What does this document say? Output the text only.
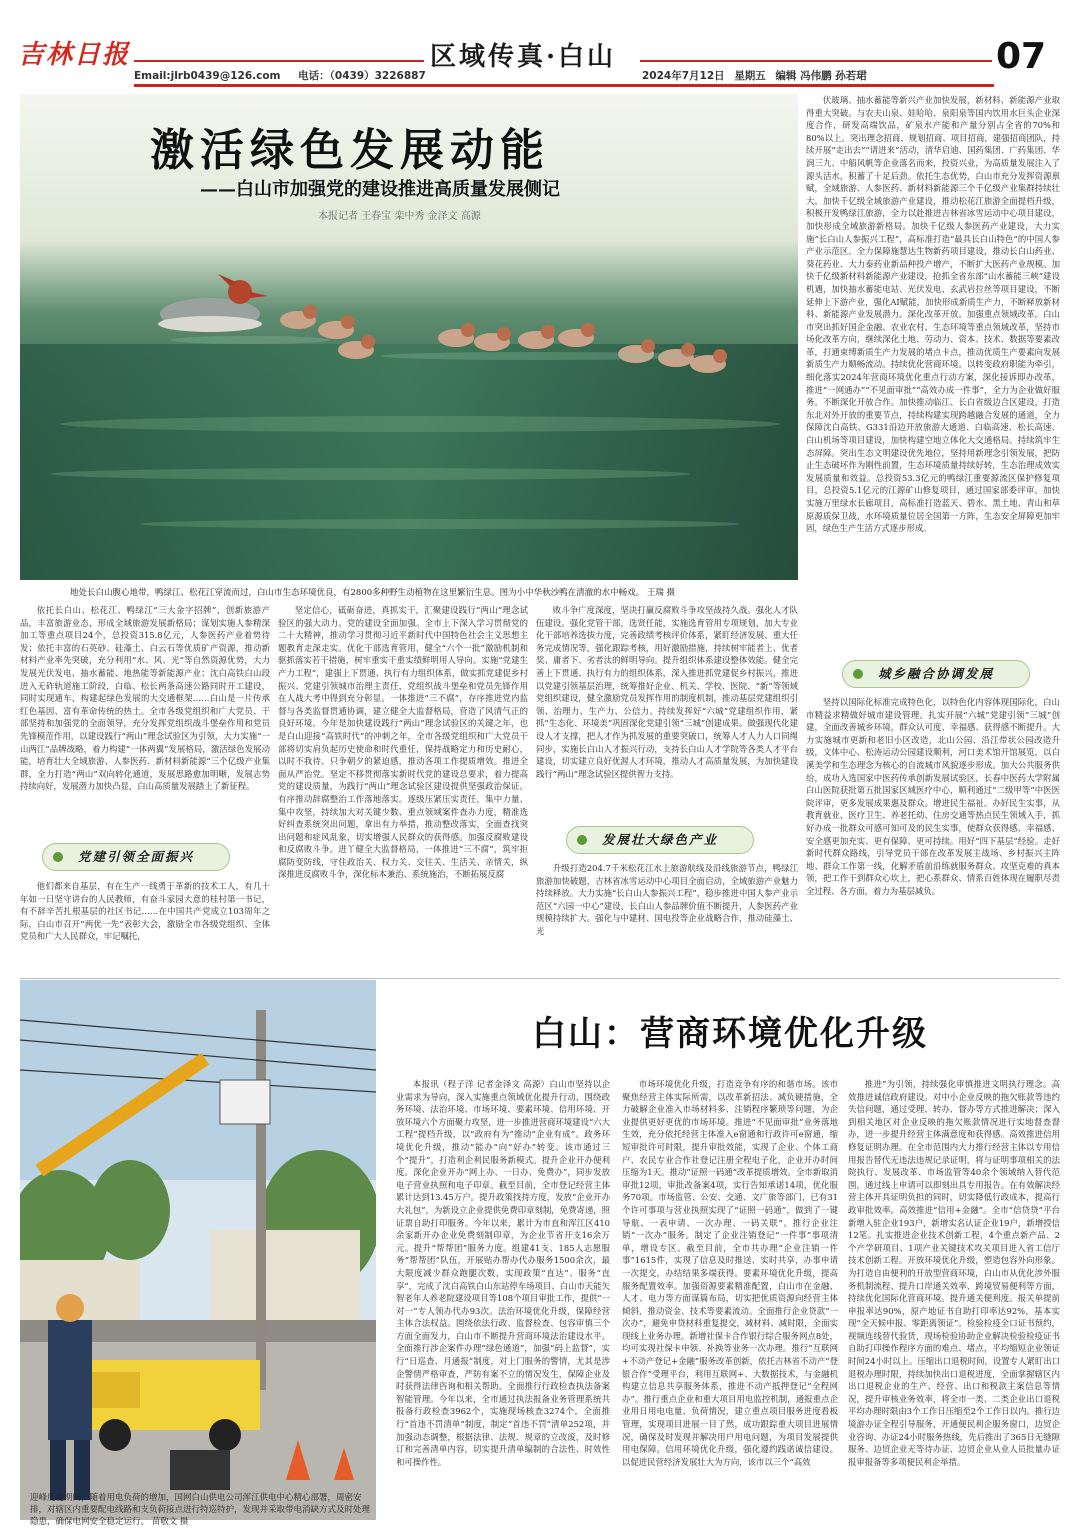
吉林日报	区域传真·白山
Email:jlrb0439@126.com 电话：（0439）3226887	2024年7月12日 星期五 编辑 冯伟鹏 孙若珺	07
激活绿色发展动能
——白山市加强党的建设推进高质量发展侧记
本报记者 王春宝 栾中秀 金泽文 高源
地处长白山腹心地带，鸭绿江、松花江穿流而过，白山市生态环境优良，有2800多种野生动植物在这里繁衍生息。图为小中华秋沙鸭在清澈的水中畅戏。 王瑞 摄

依托长白山、松花江、鸭绿江“三大金字招牌”，创新旅游产品，丰富旅游业态，形成全域旅游发展新格局；谋划实施人参精深加工等重点项目24个，总投资315.8亿元，人参医药产业着势待发；依托丰富的石英砂、硅藻土、白云石等优质矿产资源，推动新材料产业率先突破，充分利用“水、风、光”等自然资源优势，大力发展光伏发电、抽水蓄能、地热能等新能源产业；沈白高铁白山段进入无砟轨道施工阶段，白临、松长两条高速公路同时开工建设，同时实现通车，构建起绿色发展的大交通框架……白山是一片传承红色基因、富有革命传统的热土。全市各级党组织和广大党员、干部坚持和加强党的全面领导，充分发挥党组织战斗堡垒作用和党员先锋模范作用，以建设践行“两山”理念试验区为引领，大力实施“一山两江”品牌战略，着力构建“一体两翼”发展格局，激活绿色发展动能，培育壮大全域旅游、人参医药、新材料新能源“三个亿级产业集群，全力打造“两山”双向转化通道，发展思路愈加明晰，发展志势持续向好，发展潜力加快凸显，白山高质量发展踏上了新征程。

党建引领全面振兴

他们都来自基层，有在生产一线勇于革新的技术工人，有几十年如一日坚守讲台的人民教师，有奋斗家园大意的桂村第一书记，有不辞辛苦扎根基层的社区书记……在中国共产党成立103周年之际，白山市召开“两优一先”表彰大会，激励全市各级党组织、全体党员和广大人民群众，牢记嘱托，

坚定信心，砥砺奋进，真抓实干，汇聚建设践行“两山”理念试验区的强大动力。党的建设全面加强。全市上下深入学习贯彻党的二十大精神，推动学习贯彻习近平新时代中国特色社会主义思想主题教育走深走实。优化干部选育管用，健全“六个一批”激励机制和驱抓落实若干措施，树牢重实干重实绩鲜明用人导向。实施“党建生产力工程”，建强上下贯通、执行有力组织体系，做实抓党建促乡村振兴、党建引领城市治理主责任，党组织战斗堡垒和党员先锋作用在人战大考中得到充分彰显。一体推进“三不腐”，存序推进党内监督与各类监督贯通协调，建立健全大监督格局，营造了风清气正的良好环境。今年是加快建设践行“两山”理念试验区的关键之年，也是白山迎接“高铁时代”的冲刺之年，全市各级党组织和广大党员干部将切实肩负起历史使命和时代重任，保持战略定力和历史耐心，以时不我待、只争朝夕的紧迫感，推动各项工作提质增效。推进全面从严治党。坚定不移贯彻落实新时代党的建设总要求，着力提高党的建设质量，为践行“两山”理念试验区建设提供坚强政治保证。有序推动辞腐整治工作落地落实。逐级压紧压实责任，集中力量、集中攻坚，持续加大对关键少数、重点领域案件查办力度，精准选好纠查系统突出问题，拿出有力举措，推动整改落实，全面查找突出问题和症风乱象，切实增强人民群众的获得感。加强反腐败建设和反腐败斗争。进丫健全大监督格局，一体推进“三不腐”，筑牢拒腐防变防线，守住政治关、权力关、交往关、生活关、亲情关，纵深推进反腐败斗争，深化标本兼治、系统施治，不断拓展反腐

败斗争广度深度，坚决打赢反腐败斗争攻坚战持久战。强化人才队伍建设。强化党管干部，选贤任能，实施选育管用专项规划，加大专业化干部培养选拔力度，完善政绩考核评价体系，紧盯经济发展、重大任务完成情况等，强化跟踪考核，用好激励措施，持续树牢能者上、优者奖、庸者下、劣者汰的鲜明导向。提升组织体系建设整体效能。健全完善上下贯通、执行有力的组织体系，深入推进抓党建促乡村振兴，推进以党建引领基层治理，统筹推好企业、机关、学校、医院、“新”等领域党组织建设，健全激励党员发挥作用的制度机制，推动基层党建组织引领、治理力、生产力、公信力。持续发挥好“六城”党建组织作用，紧抓“生态化、环境美”巩固深化党建引领“三城”创建成果。做强现代化建设人才支撑，把人才作为抓发展的重要突破口，统筹人才人力人口同绳同步，实施长白山人才振兴行动，支持长白山人才学院等各类人才平台建设，切实建立良好优渥人才环境，推动人才高质量发展，为加快建设践行“两山”理念试验区提供智力支持。

发展壮大绿色产业

升级打造204.7千米松花江水上旅游航线及沿线旅游节点，鸭绿江旅游加快破题，吉林省冰雪运动中心项目全面启动，全域旅游产业魅力持续释放。大力实施“长白山人参振兴工程”，稳步推进中国人参产业示范区“六园一中心”建设，长白山人参品牌价值不断提升，人参医药产业规模持续扩大。强化与中建材、国电投等企业战略合作，推动硅藻土、光

伏玻璃、抽水蓄能等新兴产业加快发展，新材料、新能源产业取得重大突破。与农夫山泉、娃哈哈、泉阳泉等国内饮用水巨头企业深度合作，研发高端饮品，矿泉水产能和产量分别占全省的70%和80%以上。突出理念招商、规划招商、项目招商，建强招商团队，持续开展“走出去”“请进来”活动，清华启迪、国药集团、广药集团、华润三九、中船风帆等企业落名而来，投资兴业，为高质量发展注入了源头活水，积蓄了十足后劲。依托生态优势，白山市充分发挥资源禀赋，全域旅游、人参医药、新材料新能源三个千亿级产业集群持续壮大。加快千亿级全域旅游产业建设，推动松花江旅游全面提档升级，积极开发鸭绿江旅游，全力以赴推进吉林省冰雪运动中心项目建设，加快形成全域旅游新格局。加快千亿级人参医药产业建设，大力实施“长白山人参振兴工程”，高标准打造“最具长白山特色”的中国人参产业示范区。全力保障施慧达生物新药项目建设，推动长白山药业、葵花药业、大力泰药业新品种投产增产，不断扩大医药产业规模。加快千亿级新材料新能源产业建设，抢抓全省东部“山水蓄能三峡”建设机遇，加快抽水蓄能电站、光伏发电、玄武岩拉丝等项目建设，不断延伸上下游产业，强化AI赋能，加快形成新质生产力，不断释放新材料、新能源产业发展潜力。深化改革开放。加强重点领域改革。白山市突出抓好国企金融、农业农村、生态环境等重点领域改革，坚持市场化改革方向，继续深化土地、劳动力、资本、技术、数据等要素改革，打通束缚新质生产力发展的堵点卡点，推动优质生产要素向发展新质生产力顺畅流动。持续优化营商环境。以转变政府职能为牵引，细化落实2024年营商环境优化重点行动方案，深化接诉即办改革，推进“一网通办”“不见面审批”“高效办成一件事”，全力为企业做好服务。不断深化开放合作。加快推动临江、长白省级边合区建设，打造东北对外开放的重要节点，持续构建实现跨越融合发展的通道，全力保障沈白高铁、G331沿边开放旅游大通道、白临高速、松长高速、白山机场等项目建设，加快构建空地立体化大交通格局。持续筑牢生态屏障。突出生态文明建设优先地位，坚持用新理念引领发展，把防止生态破坏作为刚性前置，生态环境质量持续好转，生态治理成效实发展质量和效益。总投资53.3亿元的鸭绿江重要源流区保护修复项目，总投资5.1亿元的江源矿山修复项目，通过国家部委评审。加快实施万里绿水长廊项目，高标准打造蓝天、碧水、黑土地、青山和草原源质保卫战，水环境质量位居全国第一方阵，生态安全屏障更加牢固，绿色生产生活方式逐步形成。

城乡融合协调发展

坚持以国际化标准完成特色化，以特色化内容体现国际化，白山市精益求精做好城市建设管理。扎实开展“六城”党建引领“三城”创建，全面改善城乡环境，群众认可度、幸福感、获得感不断提升。大力实施城市更新和老旧小区改造，北山公园、沿江带状公园改造升级，文体中心、松涛运动公园建设顺利，河口美术馆开馆展览，以白溪美学和生态理念为核心的自流城市风貌逐步形成。加大公共服务供给，成功入选国家中医药传承创新发展试验区，长春中医药大学附属白山医院获批第五批国家区域医疗中心，顺利通过“二级甲等”中医医院评审，更多发展成果惠及群众。增进民生福祉。办好民生实事，从教育就业、医疗卫生、养老托幼、住房交通等热点民生领域入手，抓好办成一批群众可感可知可及的民生实事，使群众获得感、幸福感、安全感更加充实、更有保障、更可持续。用好“四下基层”经验。走好新时代群众路线，引导党员干部在改革发展主战场、乡村振兴主阵地、群众工作第一线，化解矛盾前沿练就服务群众、攻坚克难的真本领，把工作干到群众心坎上，把心系群众、情系百姓体现在履职尽责全过程、各方面，着力为基层减负。

迎峰度夏期间，随着用电负荷的增加，国网白山供电公司浑江供电中心精心部署，周密安排，对辖区内重要配电线路和支负荷接点进行特巡特护，发现并采取带电消缺方式及时处理隐患，确保电网安全稳定运行。 苗敬文 摄
白山：营商环境优化升级

本报讯（程子洋 记者金泽文 高源）白山市坚持以企业需求为导向，深入实施重点领域优化提升行动，围绕政务环境、法治环境、市场环境、要素环境、信用环境、开放环境六个方面聚力攻坚，进一步推进营商环境建设“六大工程”提档升级，以“政府有为”推动“企业有成”。政务环境优化升级，推动“能办”向“好办”转变。该市通过三个“提升”，打造利企利民服务新模式。提升企业开办便利度。深化企业开办“网上办、一日办、免费办”，同步发放电子营业执照和电子印章。截至目前，全市登记经营主体累计达到13.45万户。提升政策找持方度，发放“企业开办大礼包”，为新设立企业提供免费印章刻制，免费寄递，照证票自助打印服务。今年以来，累计为市直和浑江区410余家新开办企业免费刻制印章，为企业节省开支16余万元。提升“帮帮团”服务力度。组建41支、185人志愿服务“帮帮团”队伍，开展贴办帮办代办服务1500余次，最大限度减少群众跑腿次数，实现政策“直达”、服务“直享”，完成了沈白高铁白山东站停车场项目、白山市天能矢智老年人养老院建设项目等108个项目审批工作，提供“一对一”专人领办代办93次。法治环境优化升级，保障经营主体合法权益。围绕依法行政、监督检查、包容审慎三个方面全面发力，白山市不断提升营商环境法治建设水平。全面推行涉企案件办理“绿色通道”，加强“码上监督”，实行“日巡查、月通报”制度，对上门服务的警情，尤其是涉企警情严格审查，严防有案不立的情况发生，保障企业及时获得法律咨询和相关帮助。全面推行行政检查执法备案智能管理。今年以来，全市通过执法报备业务管理系统共报备行政检查3962个，实施现场核查3274个。全面推行“首违不罚清单”制度，制定“首违不罚”清单252项，并加强动态调整，根据法律、法规、规章的立改废，及时修订和完善清单内容，切实提升清单编制的合法性、时效性和可操作性。

市场环境优化升级，打造竞争有序的和谐市场。该市聚焦经营主体实际所需，以改革新招法、减负硬措施，全力破解企业准入市场材料多、注销程序繁琐等问题，为企业提供更好更优的市场环境。推进“不见面审批”业务落地生效，充分依托经营主体准入e窗通和行政许可e窗通，缩短审批许可时限，提升审批效能，实现了企业、个体工商户、农民专业合作社登记注册全程电子化，企业开办时间压缩为1天。推动“证照一码通”改革提质增效。全市新取消审批12项，审批改备案4项，实行告知承诺14项，优化服务70项。市场监管、公安、交通、文广旅等部门，已有31个许可事项与营业执照实现了“证照一码通”，做到了一键导航、一表申请、一次办理、一码关联”。推行企业注销“一次办”服务。制定了企业注销登记“一件事”事项清单，增设专区。截至目前，全市共办理“企业注销一件事”1615件，实现了信息及时推送、实时共享，办事申请一次提交，办结结果多端获得。要素环境优化升级，提高服务配置效率。加强资源要素精准配置，白山市在金融、人才、电力等方面谋篇布局，切实把优质资源向经营主体倾斜，推动资金、技术等要素流动。全面推行企业贷款“一次办”，避免申贷材料重复提交，减材料、减时限，全面实现线上业务办理。新增社保卡合作银行综合服务网点8处，均可实现社保卡申领、补换等业务一次办理。推行“互联网+不动产登记+金融”服务改革创新，依托吉林省不动产“登银合作”受理平台，利用互联网+、大数据技术，与金融机构建立信息共享服务体系，推进不动产抵押登记“全程网办”。推行重点企业和重大项目用电监控机制，通报重点企业用日用电电量、负荷情况，建立重点项目服务进度看板管理，实现项目进展一目了然，成功跟踪重大项目进展情况，确保及时发现并解决用户用电问题，为项目发展提供用电保障。信用环境优化升级，强化遵约践诺诚信建设。以促进民营经济发展壮大为方向，该市以三个“高效

推进”为引领，持续强化审慎推进文明执行理念。高效推进诚信政府建设。对中小企业反映的拖欠账款等违约失信问题，通过受理、转办、督办等方式推进解决；深入到相关地区对企业反映的拖欠账款情况进行实地督查督办，进一步提升经营主体满意度和获得感。高效推进信用修复证明办理。在全市范围内大力推行经营主体以专用信用报告替代无违法违规记录证明，将与证明事项相关的法院执行、发展改革、市场监管等40余个领域纳入替代范围，通过线上申请可以即刻出具专用报告。在有效解决经营主体开具证明负担的同时，切实降低行政成本，提高行政审批效率。高效推进“信用+金融”。全市“信贷贷”平台新增入驻企业193户，新增实名认证企业19户，新增授信12笔。扎实推进企业技术创新工程，4个重点新产品、2个产学研项目、1项产业关键技术攻关项目进入省工信厅技术创新工程。开放环境优化升级，塑造包容外向形象。为打造自由便利的开放型营商环境，白山市从优化涉外服务机制流程、提升口岸通关效率、跨境贸易便利等方面，持续优化国际化营商环境。提升通关便利度。报关单提前申报率达90%，原产地证书自助打印率达92%，基本实现“全天候申报、零距离领证”。检验检疫全口证书预约，视频连线替代验货，现场检验协助企业解决检验检疫证书自助打印操作程序方面的难点、堵点，平均缩短企业领证时间24小时以上。压缩出口退税时间，设置专人紧盯出口退税办理时限，持续加快出口退税进度，全面掌握辖区内出口退税企业的生产、经营、出口和税款主案信息等情况，提升审核业务效率，将全市一类、二类企业出口退税平均办理时限由3个工作日压缩至2个工作日以内。推行边境游办证全程引导服务，开通便民利企服务窗口，边贸企业咨询、办证24小时服务热线，先后推出了365日无缝隙服务、边贸企业无等待办证、边贸企业从业人员批量办证报审报备等多项便民利企举措。
